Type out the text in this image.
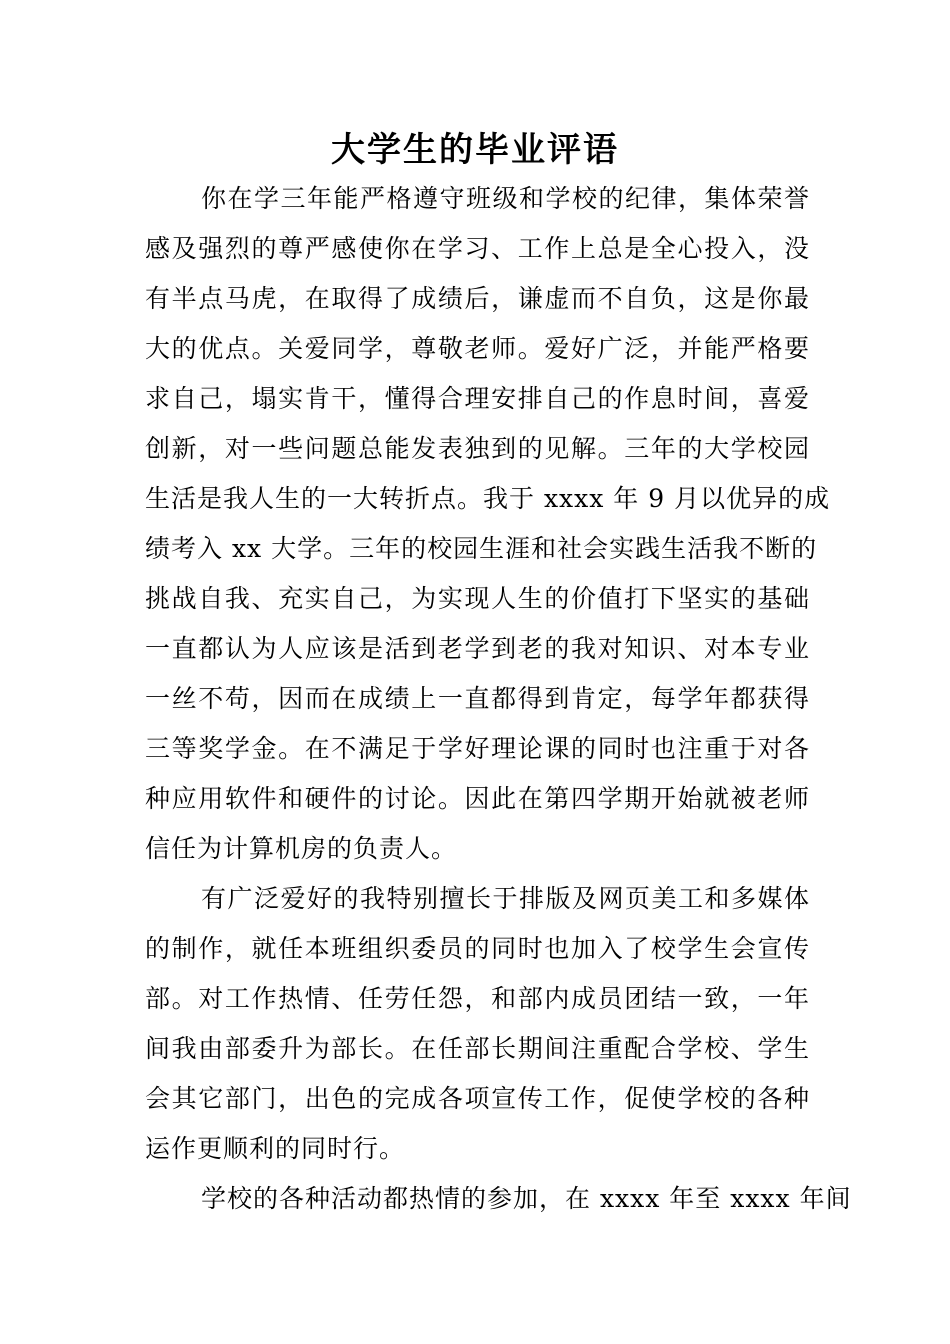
大学生的毕业评语
你在学三年能严格遵守班级和学校的纪律，集体荣誉
感及强烈的尊严感使你在学习、工作上总是全心投入，没
有半点马虎，在取得了成绩后，谦虚而不自负，这是你最
大的优点。关爱同学，尊敬老师。爱好广泛，并能严格要
求自己，塌实肯干，懂得合理安排自己的作息时间，喜爱
创新，对一些问题总能发表独到的见解。三年的大学校园
生活是我人生的一大转折点。我于 xxxx 年 9 月以优异的成
绩考入 xx 大学。三年的校园生涯和社会实践生活我不断的
挑战自我、充实自己，为实现人生的价值打下坚实的基础
一直都认为人应该是活到老学到老的我对知识、对本专业
一丝不苟，因而在成绩上一直都得到肯定，每学年都获得
三等奖学金。在不满足于学好理论课的同时也注重于对各
种应用软件和硬件的讨论。因此在第四学期开始就被老师
信任为计算机房的负责人。
有广泛爱好的我特别擅长于排版及网页美工和多媒体
的制作，就任本班组织委员的同时也加入了校学生会宣传
部。对工作热情、任劳任怨，和部内成员团结一致，一年
间我由部委升为部长。在任部长期间注重配合学校、学生
会其它部门，出色的完成各项宣传工作，促使学校的各种
运作更顺利的同时行。
学校的各种活动都热情的参加，在 xxxx 年至 xxxx 年间
